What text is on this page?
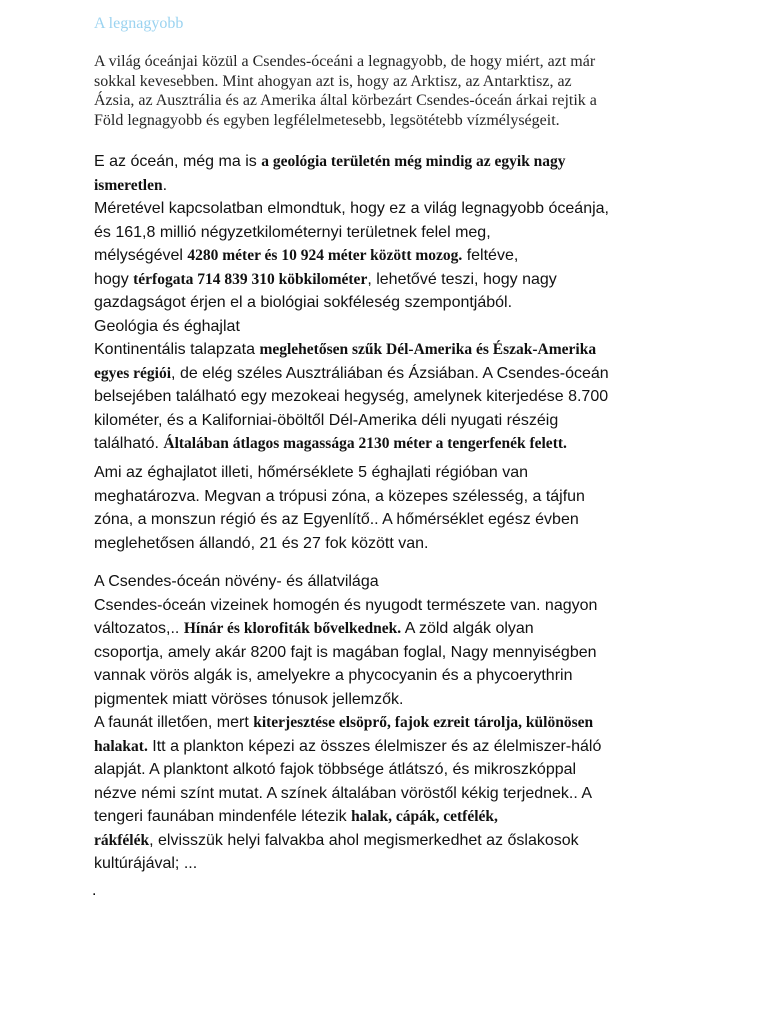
A legnagyobb
A világ óceánjai közül a Csendes-óceáni a legnagyobb, de hogy miért, azt már
sokkal kevesebben. Mint ahogyan azt is, hogy az Arktisz, az Antarktisz, az
Ázsia, az Ausztrália és az Amerika által körbezárt Csendes-óceán árkai rejtik a
Föld legnagyobb és egyben legfélelmetesebb, legsötétebb vízmélységeit.
E az óceán, még ma is a geológia területén még mindig az egyik nagy
ismeretlen.
Méretével kapcsolatban elmondtuk, hogy ez a világ legnagyobb óceánja,
és 161,8 millió négyzetkilométernyi területnek felel meg,
mélységével 4280 méter és 10 924 méter között mozog. feltéve,
hogy térfogata 714 839 310 köbkilométer, lehetővé teszi, hogy nagy
gazdagságot érjen el a biológiai sokféleség szempontjából.
Geológia és éghajlat
Kontinentális talapzata meglehetősen szűk Dél-Amerika és Észak-Amerika
egyes régiói, de elég széles Ausztráliában és Ázsiában. A Csendes-óceán
belsejében található egy mezokeai hegység, amelynek kiterjedése 8.700
kilométer, és a Kaliforniai-öböltől Dél-Amerika déli nyugati részéig
található. Általában átlagos magassága 2130 méter a tengerfenék felett.
Ami az éghajlatot illeti, hőmérséklete 5 éghajlati régióban van
meghatározva. Megvan a trópusi zóna, a közepes szélesség, a tájfun
zóna, a monszun régió és az Egyenlítő.. A hőmérséklet egész évben
meglehetősen állandó, 21 és 27 fok között van.
A Csendes-óceán növény- és állatvilága
Csendes-óceán vizeinek homogén és nyugodt természete van. nagyon
változatos,.. Hínár és klorofiták bővelkednek. A zöld algák olyan
csoportja, amely akár 8200 fajt is magában foglal, Nagy mennyiségben
vannak vörös algák is, amelyekre a phycocyanin és a phycoerythrin
pigmentek miatt vöröses tónusok jellemzők.
A faunát illetően, mert kiterjesztése elsöprő, fajok ezreit tárolja, különösen
halakat. Itt a plankton képezi az összes élelmiszer és az élelmiszer-háló
alapját. A planktont alkotó fajok többsége átlátszó, és mikroszkóppal
nézve némi színt mutat. A színek általában vöröstől kékig terjednek.. A
tengeri faunában mindenféle létezik halak, cápák, cetfélék,
rákfélék, elvisszük helyi falvakba ahol megismerkedhet az őslakosok
kultúrájával; ...
.
